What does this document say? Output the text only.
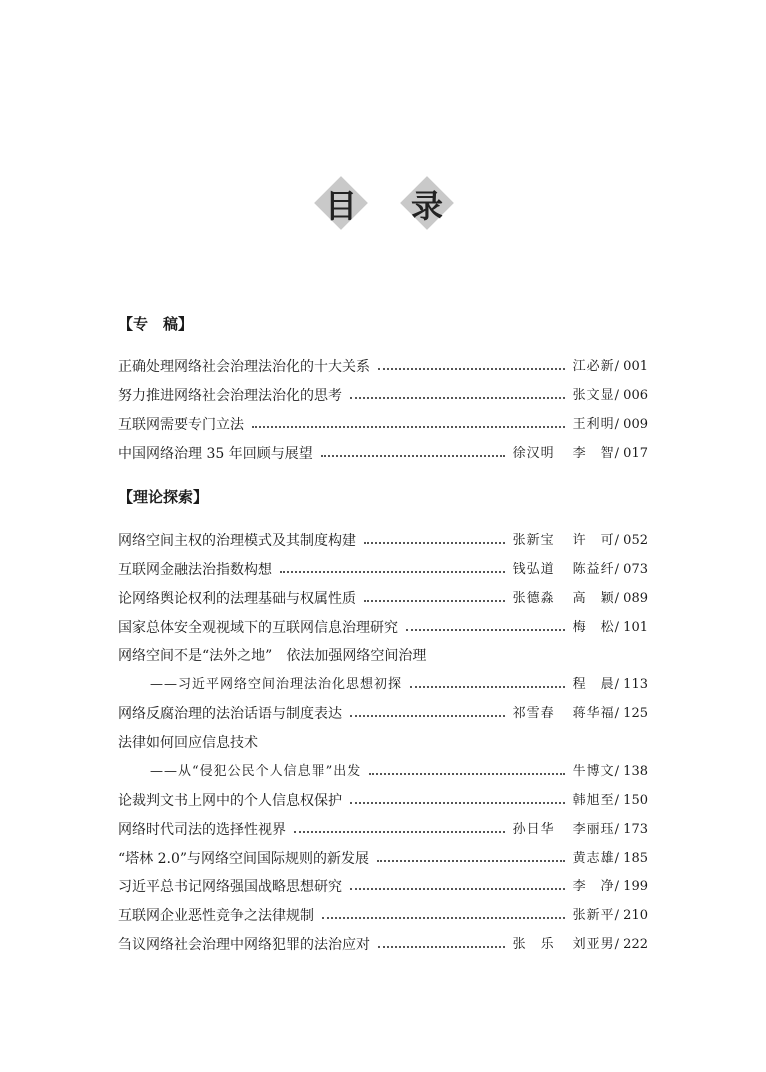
目	录
【专　稿】
正确处理网络社会治理法治化的十大关系	江必新 / 001
努力推进网络社会治理法治化的思考	张文显 / 006
互联网需要专门立法	王利明 / 009
中国网络治理 35 年回顾与展望	徐汉明 李　智 / 017
【理论探索】
网络空间主权的治理模式及其制度构建	张新宝 许　可 / 052
互联网金融法治指数构想	钱弘道 陈益纤 / 073
论网络舆论权利的法理基础与权属性质	张德淼 高　颖 / 089
国家总体安全观视域下的互联网信息治理研究	梅　松 / 101
网络空间不是“法外之地”　依法加强网络空间治理
——习近平网络空间治理法治化思想初探	程　晨 / 113
网络反腐治理的法治话语与制度表达	祁雪春 蒋华福 / 125
法律如何回应信息技术
——从“侵犯公民个人信息罪”出发	牛博文 / 138
论裁判文书上网中的个人信息权保护	韩旭至 / 150
网络时代司法的选择性视界	孙日华 李丽珏 / 173
“塔林 2.0”与网络空间国际规则的新发展	黄志雄 / 185
习近平总书记网络强国战略思想研究	李　净 / 199
互联网企业恶性竞争之法律规制	张新平 / 210
刍议网络社会治理中网络犯罪的法治应对	张　乐 刘亚男 / 222
